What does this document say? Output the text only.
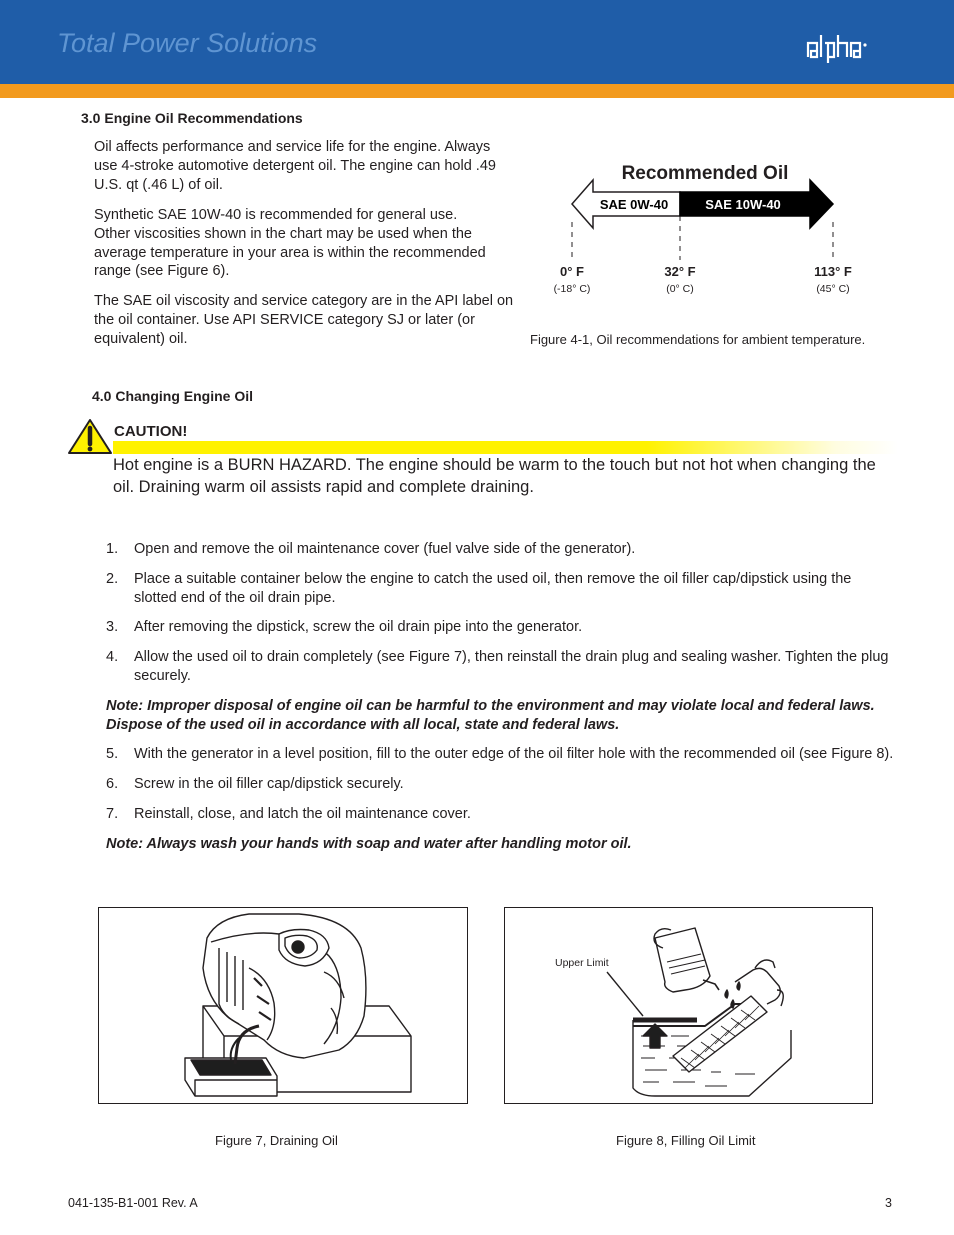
Total Power Solutions
3.0 Engine Oil Recommendations

Oil affects performance and service life for the engine. Always use 4-stroke automotive detergent oil. The engine can hold .49 U.S. qt (.46 L) of oil.

Synthetic SAE 10W-40 is recommended for general use. Other viscosities shown in the chart may be used when the average temperature in your area is within the recommended range (see Figure 6).

The SAE oil viscosity and service category are in the API label on the oil container. Use API SERVICE category SJ or later (or equivalent) oil.

Recommended Oil
SAE 0W-40	SAE 10W-40
0° F
(-18° C)
32° F
(0° C)
113° F
(45° C)
Figure 4-1, Oil recommendations for ambient temperature.
4.0 Changing Engine Oil
CAUTION!
Hot engine is a BURN HAZARD. The engine should be warm to the touch but not hot when changing the oil. Draining warm oil assists rapid and complete draining.
1. Open and remove the oil maintenance cover (fuel valve side of the generator).
2. Place a suitable container below the engine to catch the used oil, then remove the oil filler cap/dipstick using the slotted end of the oil drain pipe.
3. After removing the dipstick, screw the oil drain pipe into the generator.
4. Allow the used oil to drain completely (see Figure 7), then reinstall the drain plug and sealing washer. Tighten the plug securely.
Note: Improper disposal of engine oil can be harmful to the environment and may violate local and federal laws. Dispose of the used oil in accordance with all local, state and federal laws.
5. With the generator in a level position, fill to the outer edge of the oil filter hole with the recommended oil (see Figure 8).
6. Screw in the oil filler cap/dipstick securely.
7. Reinstall, close, and latch the oil maintenance cover.
Note: Always wash your hands with soap and water after handling motor oil.
Figure 7, Draining Oil
Upper Limit
Figure 8, Filling Oil Limit
041-135-B1-001 Rev. A	3
